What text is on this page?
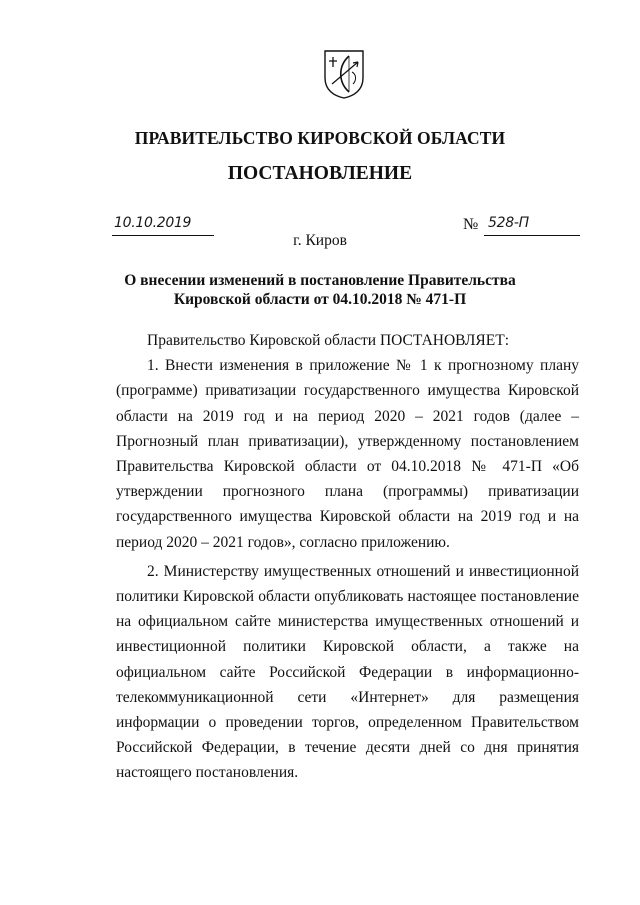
ПРАВИТЕЛЬСТВО КИРОВСКОЙ ОБЛАСТИ
ПОСТАНОВЛЕНИЕ
10.10.2019	№ 528-П
г. Киров
О внесении изменений в постановление Правительства
Кировской области от 04.10.2018 № 471-П

Правительство Кировской области ПОСТАНОВЛЯЕТ:

1. Внести изменения в приложение № 1 к прогнозному плану (программе) приватизации государственного имущества Кировской области на 2019 год и на период 2020 – 2021 годов (далее – Прогнозный план приватизации), утвержденному постановлением Правительства Кировской области от 04.10.2018 № 471-П «Об утверждении прогнозного плана (программы) приватизации государственного имущества Кировской области на 2019 год и на период 2020 – 2021 годов», согласно приложению.

2. Министерству имущественных отношений и инвестиционной политики Кировской области опубликовать настоящее постановление на официальном сайте министерства имущественных отношений и инвестиционной политики Кировской области, а также на официальном сайте Российской Федерации в информационно-телекоммуникационной сети «Интернет» для размещения информации о проведении торгов, определенном Правительством Российской Федерации, в течение десяти дней со дня принятия настоящего постановления.
